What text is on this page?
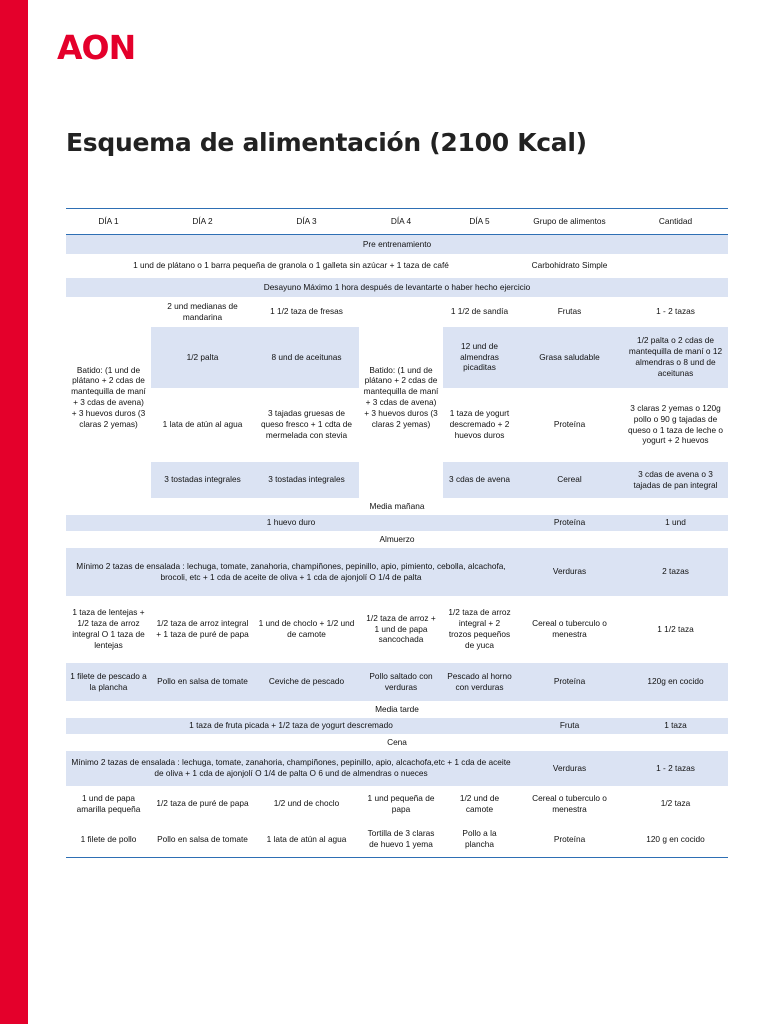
AON
Esquema de alimentación (2100 Kcal)
DÍA 1	DÍA 2	DÍA 3	DÍA 4	DÍA 5	Grupo de alimentos	Cantidad
Pre entrenamiento						
1 und de plátano o 1 barra pequeña de granola o 1 galleta sin azúcar + 1 taza de café					Carbohidrato Simple	
Desayuno Máximo 1 hora después de levantarte o haber hecho ejercicio						
Batido: (1 und de plátano + 2 cdas de mantequilla de maní + 3 cdas de avena) + 3 huevos duros (3 claras 2 yemas)	2 und medianas de mandarina	1 1/2 taza de fresas	Batido: (1 und de plátano + 2 cdas de mantequilla de maní + 3 cdas de avena) + 3 huevos duros (3 claras 2 yemas)	1 1/2 de sandía	Frutas	1 - 2 tazas
	1/2 palta	8 und de aceitunas		12 und de almendras picaditas	Grasa saludable	1/2 palta o 2 cdas de mantequilla de maní o 12 almendras o 8 und de aceitunas
	1 lata de atún al agua	3 tajadas gruesas de queso fresco + 1 cdta de mermelada con stevia		1 taza de yogurt descremado + 2 huevos duros	Proteína	3 claras 2 yemas o 120g pollo o 90 g tajadas de queso o 1 taza de leche o yogurt + 2 huevos
	3 tostadas integrales	3 tostadas integrales		3 cdas de avena	Cereal	3 cdas de avena o 3 tajadas de pan integral
Media mañana						
1 huevo duro					Proteína	1 und
Almuerzo						
Mínimo 2 tazas de ensalada : lechuga, tomate, zanahoria, champiñones, pepinillo, apio, pimiento, cebolla, alcachofa, brocoli, etc + 1 cda de aceite de oliva + 1 cda de ajonjolí O 1/4 de palta					Verduras	2 tazas
1 taza de lentejas + 1/2 taza de arroz integral O 1 taza de lentejas	1/2 taza de arroz integral + 1 taza de puré de papa	1 und de choclo + 1/2 und de camote	1/2 taza de arroz + 1 und de papa sancochada	1/2 taza de arroz integral + 2 trozos pequeños de yuca	Cereal o tuberculo o menestra	1 1/2 taza
1 filete de pescado a la plancha	Pollo en salsa de tomate	Ceviche de pescado	Pollo saltado con verduras	Pescado al horno con verduras	Proteína	120g en cocido
Media tarde						
1 taza de fruta picada + 1/2 taza de yogurt descremado					Fruta	1 taza
Cena						
Mínimo 2 tazas de ensalada : lechuga, tomate, zanahoria, champiñones, pepinillo, apio, alcachofa,etc + 1 cda de aceite de oliva + 1 cda de ajonjolí O 1/4 de palta O 6 und de almendras o nueces					Verduras	1 - 2 tazas
1 und de papa amarilla pequeña	1/2 taza de puré de papa	1/2 und de choclo	1 und pequeña de papa	1/2 und de camote	Cereal o tuberculo o menestra	1/2 taza
1 filete de pollo	Pollo en salsa de tomate	1 lata de atún al agua	Tortilla de 3 claras de huevo 1 yema	Pollo a la plancha	Proteína	120 g en cocido
